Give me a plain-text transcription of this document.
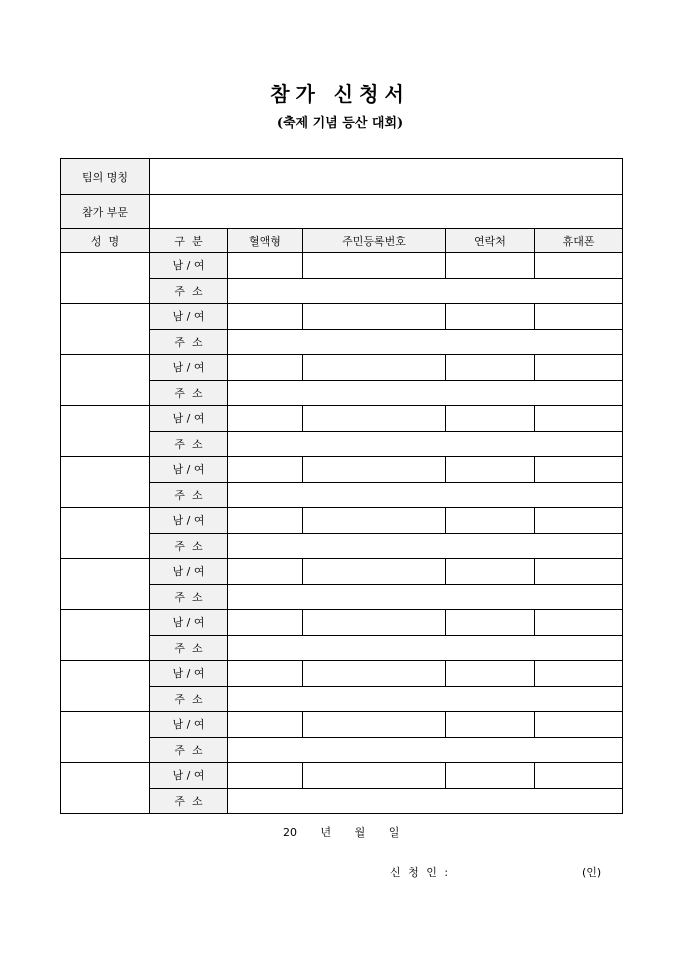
참가 신청서
(축제 기념 등산 대회)
팀의 명칭					
참가 부문					
성  명	구  분	혈액형	주민등록번호	연락처	휴대폰
	남 / 여				
	주  소				
	남 / 여				
	주  소				
	남 / 여				
	주  소				
	남 / 여				
	주  소				
	남 / 여				
	주  소				
	남 / 여				
	주  소				
	남 / 여				
	주  소				
	남 / 여				
	주  소				
	남 / 여				
	주  소				
	남 / 여				
	주  소				
	남 / 여				
	주  소				
20 년 월 일
신 청 인 :	(인)
